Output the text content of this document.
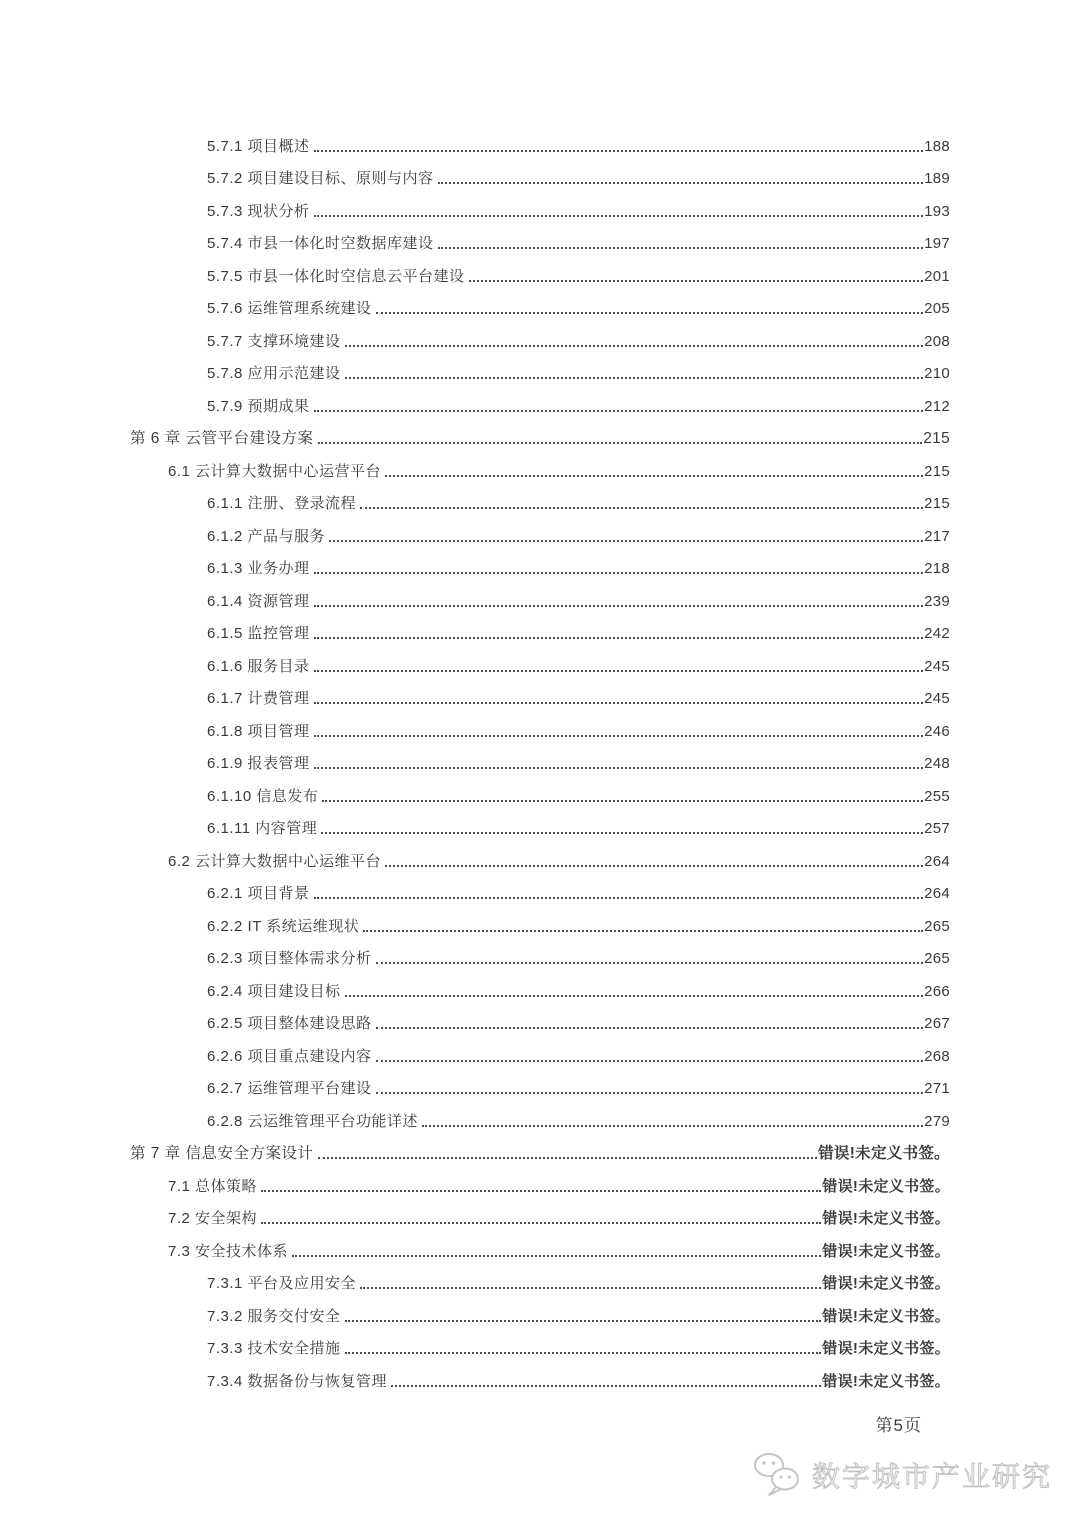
5.7.1 项目概述	188
5.7.2 项目建设目标、原则与内容	189
5.7.3 现状分析	193
5.7.4 市县一体化时空数据库建设	197
5.7.5 市县一体化时空信息云平台建设	201
5.7.6 运维管理系统建设	205
5.7.7 支撑环境建设	208
5.7.8 应用示范建设	210
5.7.9 预期成果	212
第 6 章 云管平台建设方案	215
6.1 云计算大数据中心运营平台	215
6.1.1 注册、登录流程	215
6.1.2 产品与服务	217
6.1.3 业务办理	218
6.1.4 资源管理	239
6.1.5 监控管理	242
6.1.6 服务目录	245
6.1.7 计费管理	245
6.1.8 项目管理	246
6.1.9 报表管理	248
6.1.10 信息发布	255
6.1.11 内容管理	257
6.2 云计算大数据中心运维平台	264
6.2.1 项目背景	264
6.2.2 IT 系统运维现状	265
6.2.3 项目整体需求分析	265
6.2.4 项目建设目标	266
6.2.5 项目整体建设思路	267
6.2.6 项目重点建设内容	268
6.2.7 运维管理平台建设	271
6.2.8 云运维管理平台功能详述	279
第 7 章 信息安全方案设计	错误!未定义书签。
7.1 总体策略	错误!未定义书签。
7.2 安全架构	错误!未定义书签。
7.3 安全技术体系	错误!未定义书签。
7.3.1 平台及应用安全	错误!未定义书签。
7.3.2 服务交付安全	错误!未定义书签。
7.3.3 技术安全措施	错误!未定义书签。
7.3.4 数据备份与恢复管理	错误!未定义书签。
第5页
数字城市产业研究
